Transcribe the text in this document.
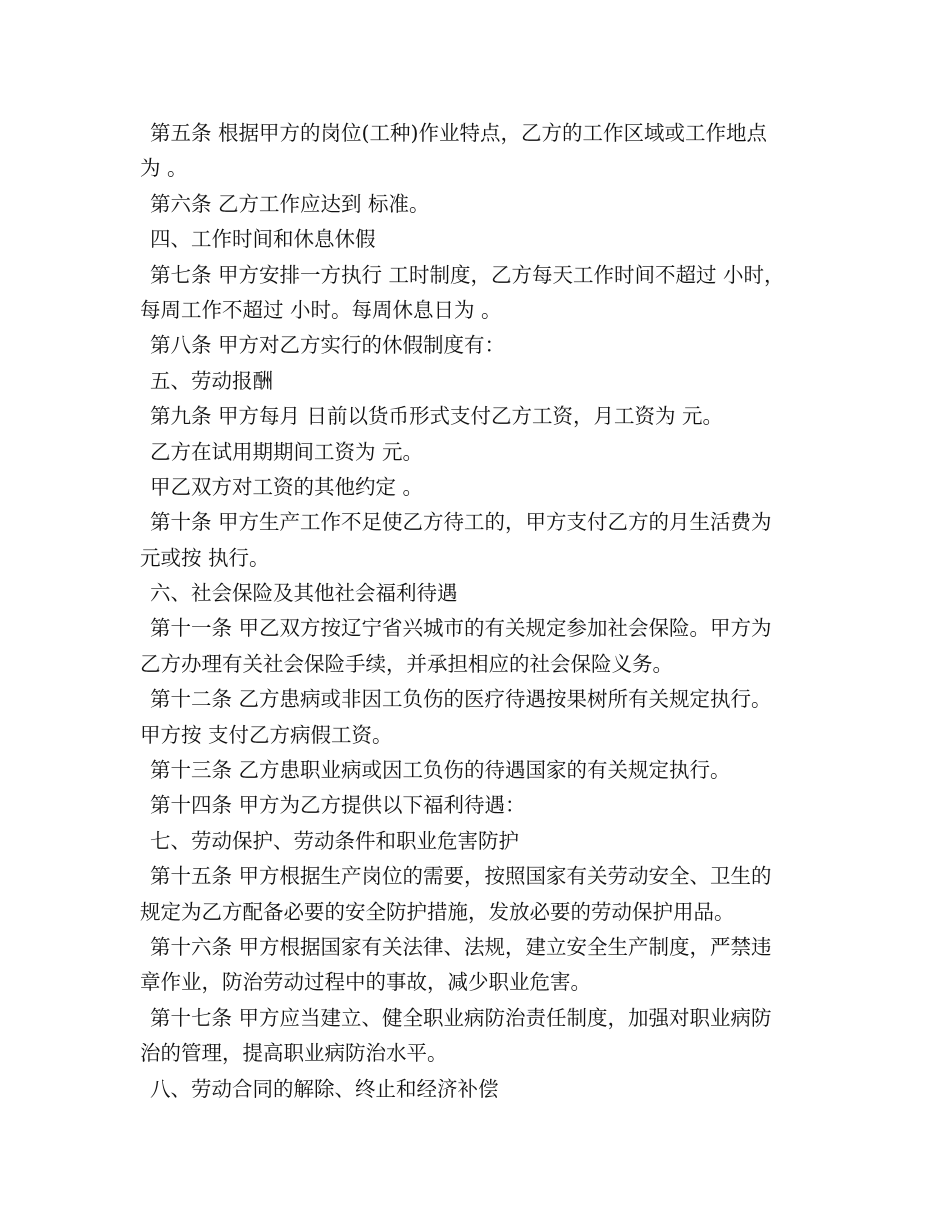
第五条 根据甲方的岗位(工种)作业特点，乙方的工作区域或工作地点
为 。
第六条 乙方工作应达到 标准。
四、工作时间和休息休假
第七条 甲方安排一方执行 工时制度，乙方每天工作时间不超过 小时，
每周工作不超过 小时。每周休息日为 。
第八条 甲方对乙方实行的休假制度有：
五、劳动报酬
第九条 甲方每月 日前以货币形式支付乙方工资，月工资为 元。
乙方在试用期期间工资为 元。
甲乙双方对工资的其他约定 。
第十条 甲方生产工作不足使乙方待工的，甲方支付乙方的月生活费为
元或按 执行。
六、社会保险及其他社会福利待遇
第十一条 甲乙双方按辽宁省兴城市的有关规定参加社会保险。甲方为
乙方办理有关社会保险手续，并承担相应的社会保险义务。
第十二条 乙方患病或非因工负伤的医疗待遇按果树所有关规定执行。
甲方按 支付乙方病假工资。
第十三条 乙方患职业病或因工负伤的待遇国家的有关规定执行。
第十四条 甲方为乙方提供以下福利待遇：
七、劳动保护、劳动条件和职业危害防护
第十五条 甲方根据生产岗位的需要，按照国家有关劳动安全、卫生的
规定为乙方配备必要的安全防护措施，发放必要的劳动保护用品。
第十六条 甲方根据国家有关法律、法规，建立安全生产制度，严禁违
章作业，防治劳动过程中的事故，减少职业危害。
第十七条 甲方应当建立、健全职业病防治责任制度，加强对职业病防
治的管理，提高职业病防治水平。
八、劳动合同的解除、终止和经济补偿
